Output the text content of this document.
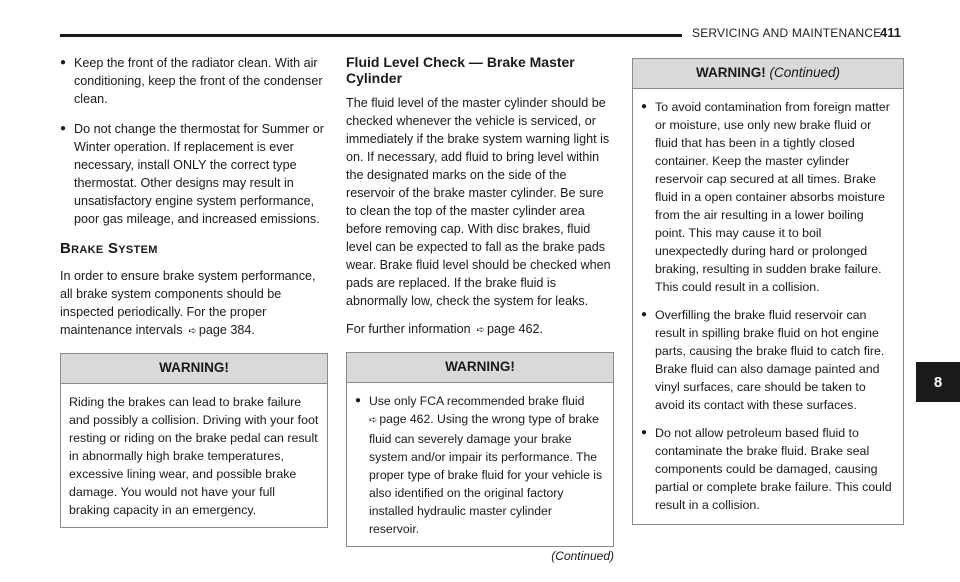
SERVICING AND MAINTENANCE
411
8
● Keep the front of the radiator clean. With air conditioning, keep the front of the condenser clean.

● Do not change the thermostat for Summer or Winter operation. If replacement is ever necessary, install ONLY the correct type thermostat. Other designs may result in unsatisfactory engine system performance, poor gas mileage, and increased emissions.

Brake System

In order to ensure brake system performance, all brake system components should be inspected periodically. For the proper maintenance intervals ➪ page 384.

WARNING!

Riding the brakes can lead to brake failure and possibly a collision. Driving with your foot resting or riding on the brake pedal can result in abnormally high brake temperatures, excessive lining wear, and possible brake damage. You would not have your full braking capacity in an emergency.

Fluid Level Check — Brake Master Cylinder

The fluid level of the master cylinder should be checked whenever the vehicle is serviced, or immediately if the brake system warning light is on. If necessary, add fluid to bring level within the designated marks on the side of the reservoir of the brake master cylinder. Be sure to clean the top of the master cylinder area before removing cap. With disc brakes, fluid level can be expected to fall as the brake pads wear. Brake fluid level should be checked when pads are replaced. If the brake fluid is abnormally low, check the system for leaks.

For further information ➪ page 462.

WARNING!
● Use only FCA recommended brake fluid
➪ page 462. Using the wrong type of brake fluid can severely damage your brake system and/or impair its performance. The proper type of brake fluid for your vehicle is also identified on the original factory installed hydraulic master cylinder reservoir.

(Continued)
WARNING! (Continued)
● To avoid contamination from foreign matter or moisture, use only new brake fluid or fluid that has been in a tightly closed container. Keep the master cylinder reservoir cap secured at all times. Brake fluid in a open container absorbs moisture from the air resulting in a lower boiling point. This may cause it to boil unexpectedly during hard or prolonged braking, resulting in sudden brake failure. This could result in a collision.

● Overfilling the brake fluid reservoir can result in spilling brake fluid on hot engine parts, causing the brake fluid to catch fire. Brake fluid can also damage painted and vinyl surfaces, care should be taken to avoid its contact with these surfaces.

● Do not allow petroleum based fluid to contaminate the brake fluid. Brake seal components could be damaged, causing partial or complete brake failure. This could result in a collision.
